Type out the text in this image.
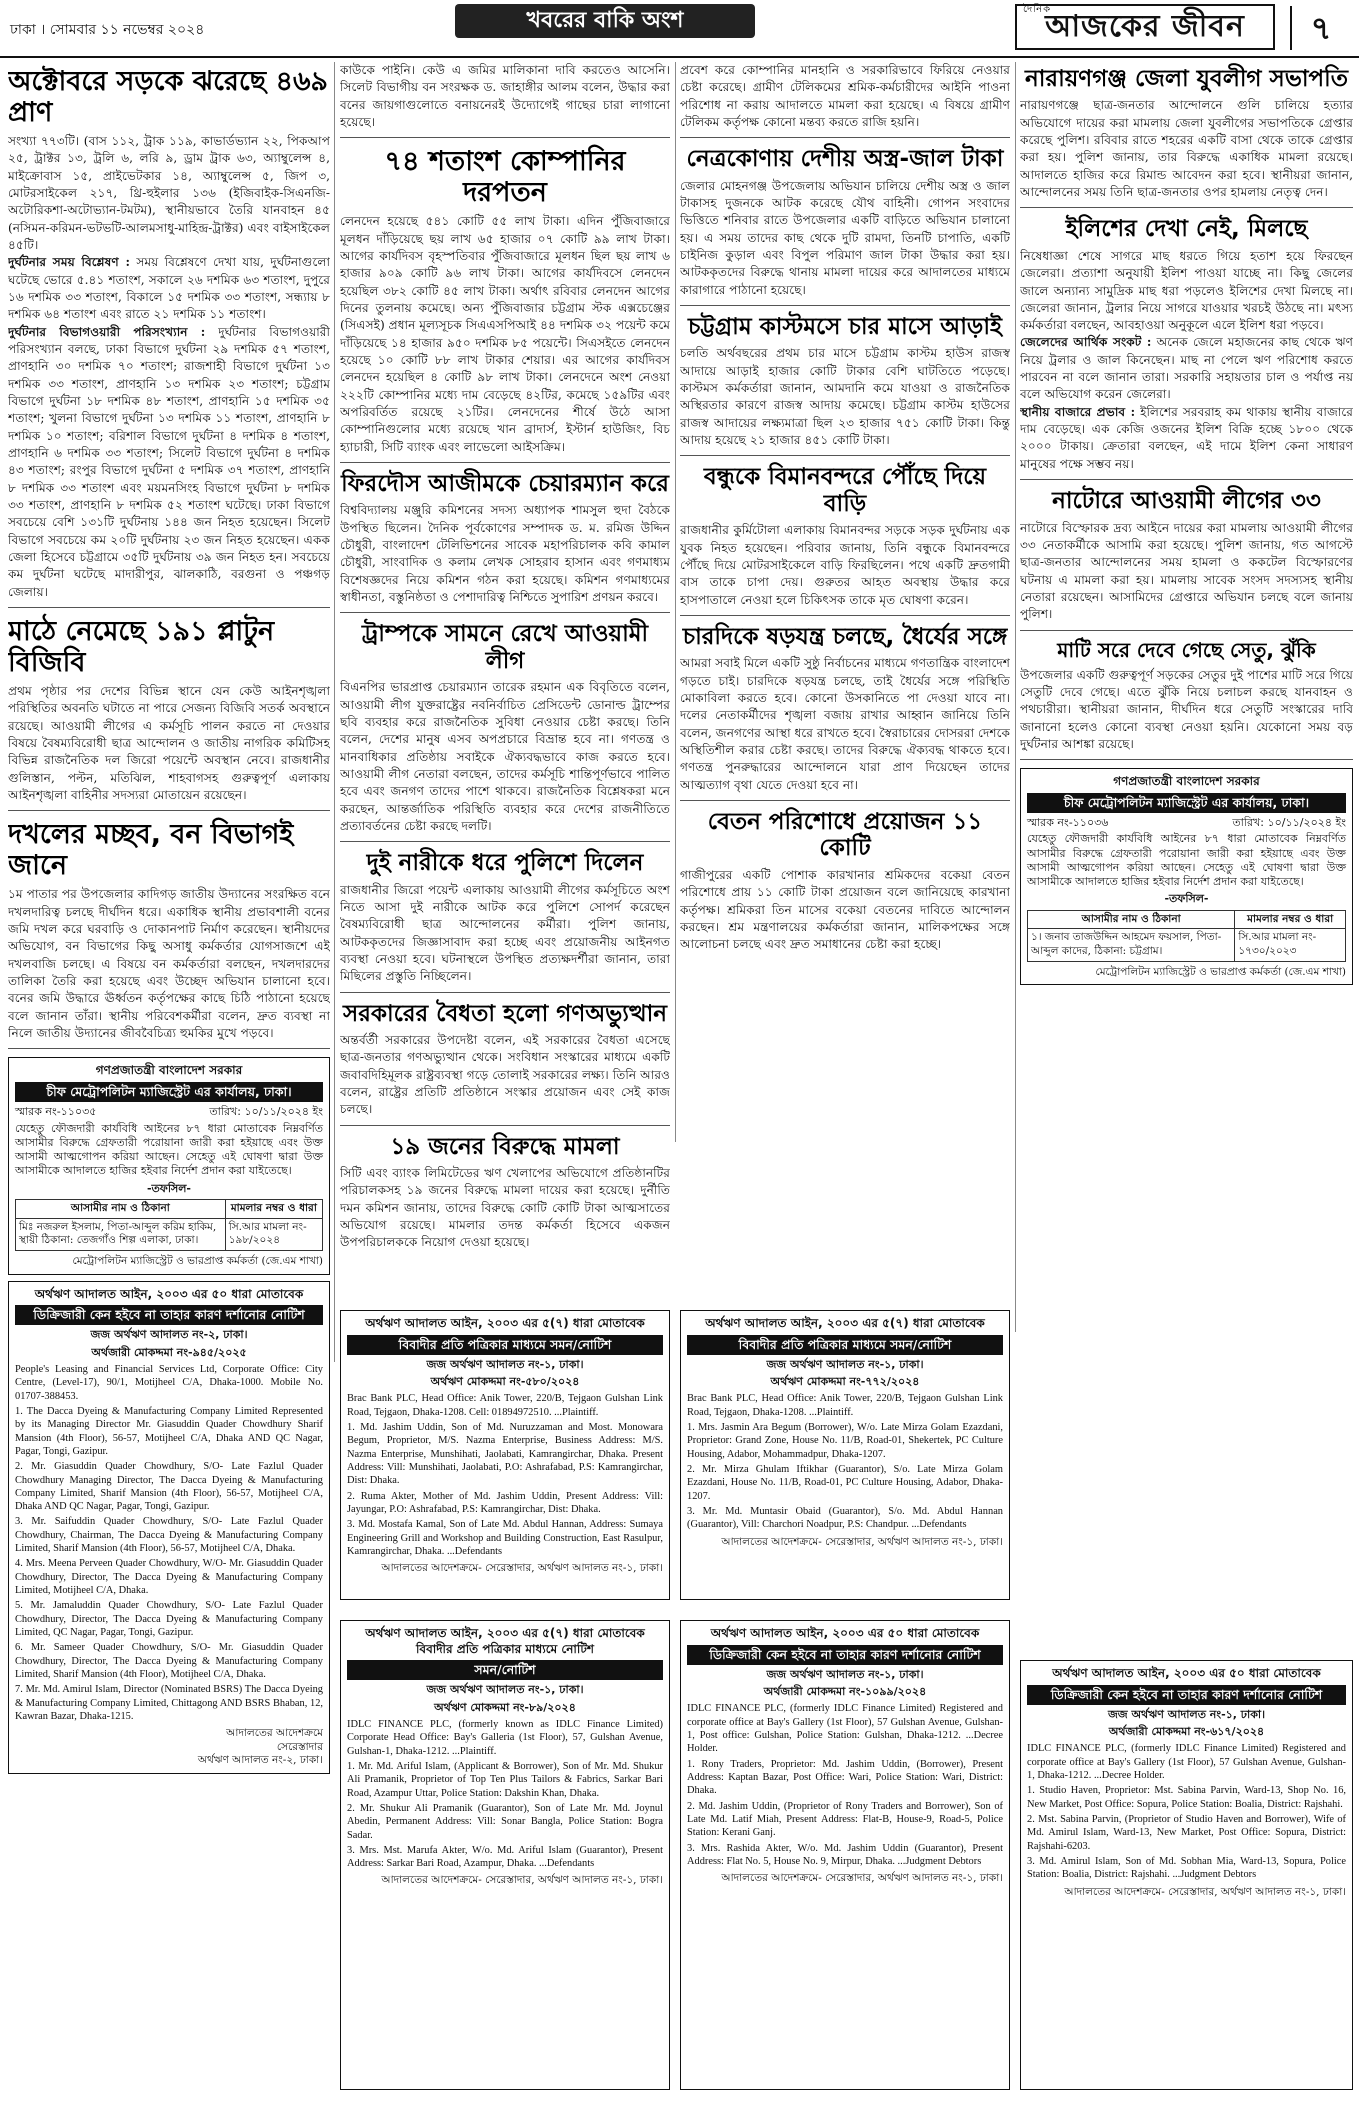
ঢাকা । সোমবার ১১ নভেম্বর ২০২৪	খবরের বাকি অংশ	দৈনিক
আজকের জীবন	৭
অক্টোবরে সড়কে ঝরেছে ৪৬৯ প্রাণ

সংখ্যা ৭৭৩টি। (বাস ১১২, ট্রাক ১১৯, কাভার্ডভ্যান ২২, পিকআপ ২৫, ট্রাক্টর ১৩, ট্রলি ৬, লরি ৯, ড্রাম ট্রাক ৬৩, অ্যাম্বুলেন্স ৪, মাইক্রোবাস ১৫, প্রাইভেটকার ১৪, অ্যাম্বুলেন্স ৫, জিপ ৩, মোটরসাইকেল ২১৭, থ্রি-হুইলার ১৩৬ (ইজিবাইক-সিএনজি-অটোরিকশা-অটোভ্যান-টমটম), স্থানীয়ভাবে তৈরি যানবাহন ৪৫ (নসিমন-করিমন-ভটভটি-আলমসাধু-মাহিন্দ্র-ট্রাক্টর) এবং বাইসাইকেল ৪৫টি।

দুর্ঘটনার সময় বিশ্লেষণ : সময় বিশ্লেষণে দেখা যায়, দুর্ঘটনাগুলো ঘটেছে ভোরে ৫.৪১ শতাংশ, সকালে ২৬ দশমিক ৬৩ শতাংশ, দুপুরে ১৬ দশমিক ৩৩ শতাংশ, বিকালে ১৫ দশমিক ৩৩ শতাংশ, সন্ধ্যায় ৮ দশমিক ৬৪ শতাংশ এবং রাতে ২১ দশমিক ১১ শতাংশ।

দুর্ঘটনার বিভাগওয়ারী পরিসংখ্যান : দুর্ঘটনার বিভাগওয়ারী পরিসংখ্যান বলছে, ঢাকা বিভাগে দুর্ঘটনা ২৯ দশমিক ৫৭ শতাংশ, প্রাণহানি ৩০ দশমিক ৭০ শতাংশ; রাজশাহী বিভাগে দুর্ঘটনা ১৩ দশমিক ৩৩ শতাংশ, প্রাণহানি ১৩ দশমিক ২৩ শতাংশ; চট্টগ্রাম বিভাগে দুর্ঘটনা ১৮ দশমিক ৪৮ শতাংশ, প্রাণহানি ১৫ দশমিক ৩৫ শতাংশ; খুলনা বিভাগে দুর্ঘটনা ১৩ দশমিক ১১ শতাংশ, প্রাণহানি ৮ দশমিক ১০ শতাংশ; বরিশাল বিভাগে দুর্ঘটনা ৪ দশমিক ৪ শতাংশ, প্রাণহানি ৬ দশমিক ৩৩ শতাংশ; সিলেট বিভাগে দুর্ঘটনা ৪ দশমিক ৪৩ শতাংশ; রংপুর বিভাগে দুর্ঘটনা ৫ দশমিক ৩৭ শতাংশ, প্রাণহানি ৮ দশমিক ৩৩ শতাংশ এবং ময়মনসিংহ বিভাগে দুর্ঘটনা ৮ দশমিক ৩৩ শতাংশ, প্রাণহানি ৮ দশমিক ৫২ শতাংশ ঘটেছে। ঢাকা বিভাগে সবচেয়ে বেশি ১৩১টি দুর্ঘটনায় ১৪৪ জন নিহত হয়েছেন। সিলেট বিভাগে সবচেয়ে কম ২০টি দুর্ঘটনায় ২৩ জন নিহত হয়েছেন। একক জেলা হিসেবে চট্টগ্রামে ৩৫টি দুর্ঘটনায় ৩৯ জন নিহত হন। সবচেয়ে কম দুর্ঘটনা ঘটেছে মাদারীপুর, ঝালকাঠি, বরগুনা ও পঞ্চগড় জেলায়।

মাঠে নেমেছে ১৯১ প্লাটুন বিজিবি

প্রথম পৃষ্ঠার পর দেশের বিভিন্ন স্থানে যেন কেউ আইনশৃঙ্খলা পরিস্থিতির অবনতি ঘটাতে না পারে সেজন্য বিজিবি সতর্ক অবস্থানে রয়েছে। আওয়ামী লীগের এ কর্মসূচি পালন করতে না দেওয়ার বিষয়ে বৈষম্যবিরোধী ছাত্র আন্দোলন ও জাতীয় নাগরিক কমিটিসহ বিভিন্ন রাজনৈতিক দল জিরো পয়েন্টে অবস্থান নেবে। রাজধানীর গুলিস্তান, পল্টন, মতিঝিল, শাহবাগসহ গুরুত্বপূর্ণ এলাকায় আইনশৃঙ্খলা বাহিনীর সদস্যরা মোতায়েন রয়েছেন।

দখলের মচ্ছব, বন বিভাগই জানে

১ম পাতার পর উপজেলার কাদিগড় জাতীয় উদ্যানের সংরক্ষিত বনে দখলদারিত্ব চলছে দীর্ঘদিন ধরে। একাধিক স্থানীয় প্রভাবশালী বনের জমি দখল করে ঘরবাড়ি ও দোকানপাট নির্মাণ করেছেন। স্থানীয়দের অভিযোগ, বন বিভাগের কিছু অসাধু কর্মকর্তার যোগসাজশে এই দখলবাজি চলছে। এ বিষয়ে বন কর্মকর্তারা বলছেন, দখলদারদের তালিকা তৈরি করা হয়েছে এবং উচ্ছেদ অভিযান চালানো হবে। বনের জমি উদ্ধারে ঊর্ধ্বতন কর্তৃপক্ষের কাছে চিঠি পাঠানো হয়েছে বলে জানান তাঁরা। স্থানীয় পরিবেশকর্মীরা বলেন, দ্রুত ব্যবস্থা না নিলে জাতীয় উদ্যানের জীববৈচিত্র্য হুমকির মুখে পড়বে।

গণপ্রজাতন্ত্রী বাংলাদেশ সরকার
চীফ মেট্রোপলিটন ম্যাজিস্ট্রেট এর কার্যালয়, ঢাকা।
স্মারক নং-১১০৩৫	তারিখ: ১০/১১/২০২৪ ইং

যেহেতু ফৌজদারী কার্যবিধি আইনের ৮৭ ধারা মোতাবেক নিম্নবর্ণিত আসামীর বিরুদ্ধে গ্রেফতারী পরোয়ানা জারী করা হইয়াছে এবং উক্ত আসামী আত্মগোপন করিয়া আছেন। সেহেতু এই ঘোষণা দ্বারা উক্ত আসামীকে আদালতে হাজির হইবার নির্দেশ প্রদান করা যাইতেছে।

-তফসিল-
আসামীর নাম ও ঠিকানা	মামলার নম্বর ও ধারা
মিঃ নজরুল ইসলাম, পিতা-আব্দুল করিম হাকিম, স্থায়ী ঠিকানা: তেজগাঁও শিল্প এলাকা, ঢাকা।	সি.আর মামলা নং- ১৯৮/২০২৪
মেট্রোপলিটন ম্যাজিস্ট্রেট ও ভারপ্রাপ্ত কর্মকর্তা (জে.এম শাখা)
অর্থঋণ আদালত আইন, ২০০৩ এর ৫০ ধারা মোতাবেক
ডিক্রিজারী কেন হইবে না তাহার কারণ দর্শানোর নোটিশ
জজ অর্থঋণ আদালত নং-২, ঢাকা।
অর্থজারী মোকদ্দমা নং-৯৪৫/২০২৫

People's Leasing and Financial Services Ltd, Corporate Office: City Centre, (Level-17), 90/1, Motijheel C/A, Dhaka-1000. Mobile No. 01707-388453.

1. The Dacca Dyeing & Manufacturing Company Limited Represented by its Managing Director Mr. Giasuddin Quader Chowdhury Sharif Mansion (4th Floor), 56-57, Motijheel C/A, Dhaka AND QC Nagar, Pagar, Tongi, Gazipur.

2. Mr. Giasuddin Quader Chowdhury, S/O- Late Fazlul Quader Chowdhury Managing Director, The Dacca Dyeing & Manufacturing Company Limited, Sharif Mansion (4th Floor), 56-57, Motijheel C/A, Dhaka AND QC Nagar, Pagar, Tongi, Gazipur.

3. Mr. Saifuddin Quader Chowdhury, S/O- Late Fazlul Quader Chowdhury, Chairman, The Dacca Dyeing & Manufacturing Company Limited, Sharif Mansion (4th Floor), 56-57, Motijheel C/A, Dhaka.

4. Mrs. Meena Perveen Quader Chowdhury, W/O- Mr. Giasuddin Quader Chowdhury, Director, The Dacca Dyeing & Manufacturing Company Limited, Motijheel C/A, Dhaka.

5. Mr. Jamaluddin Quader Chowdhury, S/O- Late Fazlul Quader Chowdhury, Director, The Dacca Dyeing & Manufacturing Company Limited, QC Nagar, Pagar, Tongi, Gazipur.

6. Mr. Sameer Quader Chowdhury, S/O- Mr. Giasuddin Quader Chowdhury, Director, The Dacca Dyeing & Manufacturing Company Limited, Sharif Mansion (4th Floor), Motijheel C/A, Dhaka.

7. Mr. Md. Amirul Islam, Director (Nominated BSRS) The Dacca Dyeing & Manufacturing Company Limited, Chittagong AND BSRS Bhaban, 12, Kawran Bazar, Dhaka-1215.

আদালতের আদেশক্রমে
সেরেস্তাদার
অর্থঋণ আদালত নং-২, ঢাকা।

কাউকে পাইনি। কেউ এ জমির মালিকানা দাবি করতেও আসেনি। সিলেট বিভাগীয় বন সংরক্ষক ড. জাহাঙ্গীর আলম বলেন, উদ্ধার করা বনের জায়গাগুলোতে বনায়নেরই উদ্যোগেই গাছের চারা লাগানো হয়েছে।

৭৪ শতাংশ কোম্পানির দরপতন

লেনদেন হয়েছে ৫৪১ কোটি ৫৫ লাখ টাকা। এদিন পুঁজিবাজারে মূলধন দাঁড়িয়েছে ছয় লাখ ৬৫ হাজার ০৭ কোটি ৯৯ লাখ টাকা। আগের কার্যদিবস বৃহস্পতিবার পুঁজিবাজারে মূলধন ছিল ছয় লাখ ৬ হাজার ৯০৯ কোটি ৯৬ লাখ টাকা। আগের কার্যদিবসে লেনদেন হয়েছিল ৩৮২ কোটি ৪৫ লাখ টাকা। অর্থাৎ রবিবার লেনদেন আগের দিনের তুলনায় কমেছে। অন্য পুঁজিবাজার চট্টগ্রাম স্টক এক্সচেঞ্জের (সিএসই) প্রধান মূল্যসূচক সিএএসপিআই ৪৪ দশমিক ৩২ পয়েন্ট কমে দাঁড়িয়েছে ১৪ হাজার ৯৫০ দশমিক ৮৫ পয়েন্টে। সিএসইতে লেনদেন হয়েছে ১০ কোটি ৮৮ লাখ টাকার শেয়ার। এর আগের কার্যদিবস লেনদেন হয়েছিল ৪ কোটি ৯৮ লাখ টাকা। লেনদেনে অংশ নেওয়া ২২২টি কোম্পানির মধ্যে দাম বেড়েছে ৪২টির, কমেছে ১৫৯টির এবং অপরিবর্তিত রয়েছে ২১টির। লেনদেনের শীর্ষে উঠে আসা কোম্পানিগুলোর মধ্যে রয়েছে খান ব্রাদার্স, ইস্টার্ন হাউজিং, বিচ হ্যাচারী, সিটি ব্যাংক এবং লাভেলো আইসক্রিম।

ফিরদৌস আজীমকে চেয়ারম্যান করে

বিশ্ববিদ্যালয় মঞ্জুরি কমিশনের সদস্য অধ্যাপক শামসুল হুদা বৈঠকে উপস্থিত ছিলেন। দৈনিক পূর্বকোণের সম্পাদক ড. ম. রমিজ উদ্দিন চৌধুরী, বাংলাদেশ টেলিভিশনের সাবেক মহাপরিচালক কবি কামাল চৌধুরী, সাংবাদিক ও কলাম লেখক সোহরাব হাসান এবং গণমাধ্যম বিশেষজ্ঞদের নিয়ে কমিশন গঠন করা হয়েছে। কমিশন গণমাধ্যমের স্বাধীনতা, বস্তুনিষ্ঠতা ও পেশাদারিত্ব নিশ্চিতে সুপারিশ প্রণয়ন করবে।

ট্রাম্পকে সামনে রেখে আওয়ামী লীগ

বিএনপির ভারপ্রাপ্ত চেয়ারম্যান তারেক রহমান এক বিবৃতিতে বলেন, আওয়ামী লীগ যুক্তরাষ্ট্রের নবনির্বাচিত প্রেসিডেন্ট ডোনাল্ড ট্রাম্পের ছবি ব্যবহার করে রাজনৈতিক সুবিধা নেওয়ার চেষ্টা করছে। তিনি বলেন, দেশের মানুষ এসব অপপ্রচারে বিভ্রান্ত হবে না। গণতন্ত্র ও মানবাধিকার প্রতিষ্ঠায় সবাইকে ঐক্যবদ্ধভাবে কাজ করতে হবে। আওয়ামী লীগ নেতারা বলছেন, তাদের কর্মসূচি শান্তিপূর্ণভাবে পালিত হবে এবং জনগণ তাদের পাশে থাকবে। রাজনৈতিক বিশ্লেষকরা মনে করছেন, আন্তর্জাতিক পরিস্থিতি ব্যবহার করে দেশের রাজনীতিতে প্রত্যাবর্তনের চেষ্টা করছে দলটি।

দুই নারীকে ধরে পুলিশে দিলেন

রাজধানীর জিরো পয়েন্ট এলাকায় আওয়ামী লীগের কর্মসূচিতে অংশ নিতে আসা দুই নারীকে আটক করে পুলিশে সোপর্দ করেছেন বৈষম্যবিরোধী ছাত্র আন্দোলনের কর্মীরা। পুলিশ জানায়, আটককৃতদের জিজ্ঞাসাবাদ করা হচ্ছে এবং প্রয়োজনীয় আইনগত ব্যবস্থা নেওয়া হবে। ঘটনাস্থলে উপস্থিত প্রত্যক্ষদর্শীরা জানান, তারা মিছিলের প্রস্তুতি নিচ্ছিলেন।

সরকারের বৈধতা হলো গণঅভ্যুত্থান

অন্তর্বর্তী সরকারের উপদেষ্টা বলেন, এই সরকারের বৈধতা এসেছে ছাত্র-জনতার গণঅভ্যুত্থান থেকে। সংবিধান সংস্কারের মাধ্যমে একটি জবাবদিহিমূলক রাষ্ট্রব্যবস্থা গড়ে তোলাই সরকারের লক্ষ্য। তিনি আরও বলেন, রাষ্ট্রের প্রতিটি প্রতিষ্ঠানে সংস্কার প্রয়োজন এবং সেই কাজ চলছে।

১৯ জনের বিরুদ্ধে মামলা

সিটি এবং ব্যাংক লিমিটেডের ঋণ খেলাপের অভিযোগে প্রতিষ্ঠানটির পরিচালকসহ ১৯ জনের বিরুদ্ধে মামলা দায়ের করা হয়েছে। দুর্নীতি দমন কমিশন জানায়, তাদের বিরুদ্ধে কোটি কোটি টাকা আত্মসাতের অভিযোগ রয়েছে। মামলার তদন্ত কর্মকর্তা হিসেবে একজন উপপরিচালককে নিয়োগ দেওয়া হয়েছে।

প্রবেশ করে কোম্পানির মানহানি ও সরকারিভাবে ফিরিয়ে নেওয়ার চেষ্টা করেছে। গ্রামীণ টেলিকমের শ্রমিক-কর্মচারীদের আইনি পাওনা পরিশোধ না করায় আদালতে মামলা করা হয়েছে। এ বিষয়ে গ্রামীণ টেলিকম কর্তৃপক্ষ কোনো মন্তব্য করতে রাজি হয়নি।

নেত্রকোণায় দেশীয় অস্ত্র-জাল টাকা

জেলার মোহনগঞ্জ উপজেলায় অভিযান চালিয়ে দেশীয় অস্ত্র ও জাল টাকাসহ দুজনকে আটক করেছে যৌথ বাহিনী। গোপন সংবাদের ভিত্তিতে শনিবার রাতে উপজেলার একটি বাড়িতে অভিযান চালানো হয়। এ সময় তাদের কাছ থেকে দুটি রামদা, তিনটি চাপাতি, একটি চাইনিজ কুড়াল এবং বিপুল পরিমাণ জাল টাকা উদ্ধার করা হয়। আটককৃতদের বিরুদ্ধে থানায় মামলা দায়ের করে আদালতের মাধ্যমে কারাগারে পাঠানো হয়েছে।

চট্টগ্রাম কাস্টমসে চার মাসে আড়াই

চলতি অর্থবছরের প্রথম চার মাসে চট্টগ্রাম কাস্টম হাউস রাজস্ব আদায়ে আড়াই হাজার কোটি টাকার বেশি ঘাটতিতে পড়েছে। কাস্টমস কর্মকর্তারা জানান, আমদানি কমে যাওয়া ও রাজনৈতিক অস্থিরতার কারণে রাজস্ব আদায় কমেছে। চট্টগ্রাম কাস্টম হাউসের রাজস্ব আদায়ের লক্ষ্যমাত্রা ছিল ২৩ হাজার ৭৫১ কোটি টাকা। কিন্তু আদায় হয়েছে ২১ হাজার ৪৫১ কোটি টাকা।

বন্ধুকে বিমানবন্দরে পৌঁছে দিয়ে বাড়ি

রাজধানীর কুর্মিটোলা এলাকায় বিমানবন্দর সড়কে সড়ক দুর্ঘটনায় এক যুবক নিহত হয়েছেন। পরিবার জানায়, তিনি বন্ধুকে বিমানবন্দরে পৌঁছে দিয়ে মোটরসাইকেলে বাড়ি ফিরছিলেন। পথে একটি দ্রুতগামী বাস তাকে চাপা দেয়। গুরুতর আহত অবস্থায় উদ্ধার করে হাসপাতালে নেওয়া হলে চিকিৎসক তাকে মৃত ঘোষণা করেন।

চারদিকে ষড়যন্ত্র চলছে, ধৈর্যের সঙ্গে

আমরা সবাই মিলে একটি সুষ্ঠু নির্বাচনের মাধ্যমে গণতান্ত্রিক বাংলাদেশ গড়তে চাই। চারদিকে ষড়যন্ত্র চলছে, তাই ধৈর্যের সঙ্গে পরিস্থিতি মোকাবিলা করতে হবে। কোনো উসকানিতে পা দেওয়া যাবে না। দলের নেতাকর্মীদের শৃঙ্খলা বজায় রাখার আহ্বান জানিয়ে তিনি বলেন, জনগণের আস্থা ধরে রাখতে হবে। স্বৈরাচারের দোসররা দেশকে অস্থিতিশীল করার চেষ্টা করছে। তাদের বিরুদ্ধে ঐক্যবদ্ধ থাকতে হবে। গণতন্ত্র পুনরুদ্ধারের আন্দোলনে যারা প্রাণ দিয়েছেন তাদের আত্মত্যাগ বৃথা যেতে দেওয়া হবে না।

বেতন পরিশোধে প্রয়োজন ১১ কোটি

গাজীপুরের একটি পোশাক কারখানার শ্রমিকদের বকেয়া বেতন পরিশোধে প্রায় ১১ কোটি টাকা প্রয়োজন বলে জানিয়েছে কারখানা কর্তৃপক্ষ। শ্রমিকরা তিন মাসের বকেয়া বেতনের দাবিতে আন্দোলন করছেন। শ্রম মন্ত্রণালয়ের কর্মকর্তারা জানান, মালিকপক্ষের সঙ্গে আলোচনা চলছে এবং দ্রুত সমাধানের চেষ্টা করা হচ্ছে।

নারায়ণগঞ্জ জেলা যুবলীগ সভাপতি

নারায়ণগঞ্জে ছাত্র-জনতার আন্দোলনে গুলি চালিয়ে হত্যার অভিযোগে দায়ের করা মামলায় জেলা যুবলীগের সভাপতিকে গ্রেপ্তার করেছে পুলিশ। রবিবার রাতে শহরের একটি বাসা থেকে তাকে গ্রেপ্তার করা হয়। পুলিশ জানায়, তার বিরুদ্ধে একাধিক মামলা রয়েছে। আদালতে হাজির করে রিমান্ড আবেদন করা হবে। স্থানীয়রা জানান, আন্দোলনের সময় তিনি ছাত্র-জনতার ওপর হামলায় নেতৃত্ব দেন।

ইলিশের দেখা নেই, মিলছে

নিষেধাজ্ঞা শেষে সাগরে মাছ ধরতে গিয়ে হতাশ হয়ে ফিরছেন জেলেরা। প্রত্যাশা অনুযায়ী ইলিশ পাওয়া যাচ্ছে না। কিছু জেলের জালে অন্যান্য সামুদ্রিক মাছ ধরা পড়লেও ইলিশের দেখা মিলছে না। জেলেরা জানান, ট্রলার নিয়ে সাগরে যাওয়ার খরচই উঠছে না। মৎস্য কর্মকর্তারা বলছেন, আবহাওয়া অনুকূলে এলে ইলিশ ধরা পড়বে।

জেলেদের আর্থিক সংকট : অনেক জেলে মহাজনের কাছ থেকে ঋণ নিয়ে ট্রলার ও জাল কিনেছেন। মাছ না পেলে ঋণ পরিশোধ করতে পারবেন না বলে জানান তারা। সরকারি সহায়তার চাল ও পর্যাপ্ত নয় বলে অভিযোগ করেন জেলেরা।

স্থানীয় বাজারে প্রভাব : ইলিশের সরবরাহ কম থাকায় স্থানীয় বাজারে দাম বেড়েছে। এক কেজি ওজনের ইলিশ বিক্রি হচ্ছে ১৮০০ থেকে ২০০০ টাকায়। ক্রেতারা বলছেন, এই দামে ইলিশ কেনা সাধারণ মানুষের পক্ষে সম্ভব নয়।

নাটোরে আওয়ামী লীগের ৩৩

নাটোরে বিস্ফোরক দ্রব্য আইনে দায়ের করা মামলায় আওয়ামী লীগের ৩৩ নেতাকর্মীকে আসামি করা হয়েছে। পুলিশ জানায়, গত আগস্টে ছাত্র-জনতার আন্দোলনের সময় হামলা ও ককটেল বিস্ফোরণের ঘটনায় এ মামলা করা হয়। মামলায় সাবেক সংসদ সদস্যসহ স্থানীয় নেতারা রয়েছেন। আসামিদের গ্রেপ্তারে অভিযান চলছে বলে জানায় পুলিশ।

মাটি সরে দেবে গেছে সেতু, ঝুঁকি

উপজেলার একটি গুরুত্বপূর্ণ সড়কের সেতুর দুই পাশের মাটি সরে গিয়ে সেতুটি দেবে গেছে। এতে ঝুঁকি নিয়ে চলাচল করছে যানবাহন ও পথচারীরা। স্থানীয়রা জানান, দীর্ঘদিন ধরে সেতুটি সংস্কারের দাবি জানানো হলেও কোনো ব্যবস্থা নেওয়া হয়নি। যেকোনো সময় বড় দুর্ঘটনার আশঙ্কা রয়েছে।

গণপ্রজাতন্ত্রী বাংলাদেশ সরকার
চীফ মেট্রোপলিটন ম্যাজিস্ট্রেট এর কার্যালয়, ঢাকা।
স্মারক নং-১১০৩৬	তারিখ: ১০/১১/২০২৪ ইং

যেহেতু ফৌজদারী কার্যবিধি আইনের ৮৭ ধারা মোতাবেক নিম্নবর্ণিত আসামীর বিরুদ্ধে গ্রেফতারী পরোয়ানা জারী করা হইয়াছে এবং উক্ত আসামী আত্মগোপন করিয়া আছেন। সেহেতু এই ঘোষণা দ্বারা উক্ত আসামীকে আদালতে হাজির হইবার নির্দেশ প্রদান করা যাইতেছে।

-তফসিল-
আসামীর নাম ও ঠিকানা	মামলার নম্বর ও ধারা
১। জনাব তাজউদ্দিন আহমেদ ফয়সাল, পিতা-আব্দুল কাদের, ঠিকানা: চট্টগ্রাম।	সি.আর মামলা নং- ১৭৩০/২০২৩
মেট্রোপলিটন ম্যাজিস্ট্রেট ও ভারপ্রাপ্ত কর্মকর্তা (জে.এম শাখা)
অর্থঋণ আদালত আইন, ২০০৩ এর ৫(৭) ধারা মোতাবেক
বিবাদীর প্রতি পত্রিকার মাধ্যমে সমন/নোটিশ
জজ অর্থঋণ আদালত নং-১, ঢাকা।
অর্থঋণ মোকদ্দমা নং-৫৮০/২০২৪

Brac Bank PLC, Head Office: Anik Tower, 220/B, Tejgaon Gulshan Link Road, Tejgaon, Dhaka-1208. Cell: 01894972510. ...Plaintiff.

1. Md. Jashim Uddin, Son of Md. Nuruzzaman and Most. Monowara Begum, Proprietor, M/S. Nazma Enterprise, Business Address: M/S. Nazma Enterprise, Munshihati, Jaolabati, Kamrangirchar, Dhaka. Present Address: Vill: Munshihati, Jaolabati, P.O: Ashrafabad, P.S: Kamrangirchar, Dist: Dhaka.

2. Ruma Akter, Mother of Md. Jashim Uddin, Present Address: Vill: Jayungar, P.O: Ashrafabad, P.S: Kamrangirchar, Dist: Dhaka.

3. Md. Mostafa Kamal, Son of Late Md. Abdul Hannan, Address: Sumaya Engineering Grill and Workshop and Building Construction, East Rasulpur, Kamrangirchar, Dhaka. ...Defendants

আদালতের আদেশক্রমে- সেরেস্তাদার, অর্থঋণ আদালত নং-১, ঢাকা।
অর্থঋণ আদালত আইন, ২০০৩ এর ৫(৭) ধারা মোতাবেক
বিবাদীর প্রতি পত্রিকার মাধ্যমে সমন/নোটিশ
জজ অর্থঋণ আদালত নং-১, ঢাকা।
অর্থঋণ মোকদ্দমা নং-৭৭২/২০২৪

Brac Bank PLC, Head Office: Anik Tower, 220/B, Tejgaon Gulshan Link Road, Tejgaon, Dhaka-1208. ...Plaintiff.

1. Mrs. Jasmin Ara Begum (Borrower), W/o. Late Mirza Golam Ezazdani, Proprietor: Grand Zone, House No. 11/B, Road-01, Shekertek, PC Culture Housing, Adabor, Mohammadpur, Dhaka-1207.

2. Mr. Mirza Ghulam Iftikhar (Guarantor), S/o. Late Mirza Golam Ezazdani, House No. 11/B, Road-01, PC Culture Housing, Adabor, Dhaka-1207.

3. Mr. Md. Muntasir Obaid (Guarantor), S/o. Md. Abdul Hannan (Guarantor), Vill: Charchori Noadpur, P.S: Chandpur. ...Defendants

আদালতের আদেশক্রমে- সেরেস্তাদার, অর্থঋণ আদালত নং-১, ঢাকা।
অর্থঋণ আদালত আইন, ২০০৩ এর ৫(৭) ধারা মোতাবেক বিবাদীর প্রতি পত্রিকার মাধ্যমে নোটিশ
সমন/নোটিশ
জজ অর্থঋণ আদালত নং-১, ঢাকা।
অর্থঋণ মোকদ্দমা নং-৮৯/২০২৪

IDLC FINANCE PLC, (formerly known as IDLC Finance Limited) Corporate Head Office: Bay's Galleria (1st Floor), 57, Gulshan Avenue, Gulshan-1, Dhaka-1212. ...Plaintiff.

1. Mr. Md. Ariful Islam, (Applicant & Borrower), Son of Mr. Md. Shukur Ali Pramanik, Proprietor of Top Ten Plus Tailors & Fabrics, Sarkar Bari Road, Azampur Uttar, Police Station: Dakshin Khan, Dhaka.

2. Mr. Shukur Ali Pramanik (Guarantor), Son of Late Mr. Md. Joynul Abedin, Permanent Address: Vill: Sonar Bangla, Police Station: Bogra Sadar.

3. Mrs. Mst. Marufa Akter, W/o. Md. Ariful Islam (Guarantor), Present Address: Sarkar Bari Road, Azampur, Dhaka. ...Defendants

আদালতের আদেশক্রমে- সেরেস্তাদার, অর্থঋণ আদালত নং-১, ঢাকা।
অর্থঋণ আদালত আইন, ২০০৩ এর ৫০ ধারা মোতাবেক
ডিক্রিজারী কেন হইবে না তাহার কারণ দর্শানোর নোটিশ
জজ অর্থঋণ আদালত নং-১, ঢাকা।
অর্থজারী মোকদ্দমা নং-১০৯৯/২০২৪

IDLC FINANCE PLC, (formerly IDLC Finance Limited) Registered and corporate office at Bay's Gallery (1st Floor), 57 Gulshan Avenue, Gulshan-1, Post office: Gulshan, Police Station: Gulshan, Dhaka-1212. ...Decree Holder.

1. Rony Traders, Proprietor: Md. Jashim Uddin, (Borrower), Present Address: Kaptan Bazar, Post Office: Wari, Police Station: Wari, District: Dhaka.

2. Md. Jashim Uddin, (Proprietor of Rony Traders and Borrower), Son of Late Md. Latif Miah, Present Address: Flat-B, House-9, Road-5, Police Station: Kerani Ganj.

3. Mrs. Rashida Akter, W/o. Md. Jashim Uddin (Guarantor), Present Address: Flat No. 5, House No. 9, Mirpur, Dhaka. ...Judgment Debtors

আদালতের আদেশক্রমে- সেরেস্তাদার, অর্থঋণ আদালত নং-১, ঢাকা।
অর্থঋণ আদালত আইন, ২০০৩ এর ৫০ ধারা মোতাবেক
ডিক্রিজারী কেন হইবে না তাহার কারণ দর্শানোর নোটিশ
জজ অর্থঋণ আদালত নং-১, ঢাকা।
অর্থজারী মোকদ্দমা নং-৬১৭/২০২৪

IDLC FINANCE PLC, (formerly IDLC Finance Limited) Registered and corporate office at Bay's Gallery (1st Floor), 57 Gulshan Avenue, Gulshan-1, Dhaka-1212. ...Decree Holder.

1. Studio Haven, Proprietor: Mst. Sabina Parvin, Ward-13, Shop No. 16, New Market, Post Office: Sopura, Police Station: Boalia, District: Rajshahi.

2. Mst. Sabina Parvin, (Proprietor of Studio Haven and Borrower), Wife of Md. Amirul Islam, Ward-13, New Market, Post Office: Sopura, District: Rajshahi-6203.

3. Md. Amirul Islam, Son of Md. Sobhan Mia, Ward-13, Sopura, Police Station: Boalia, District: Rajshahi. ...Judgment Debtors

আদালতের আদেশক্রমে- সেরেস্তাদার, অর্থঋণ আদালত নং-১, ঢাকা।
